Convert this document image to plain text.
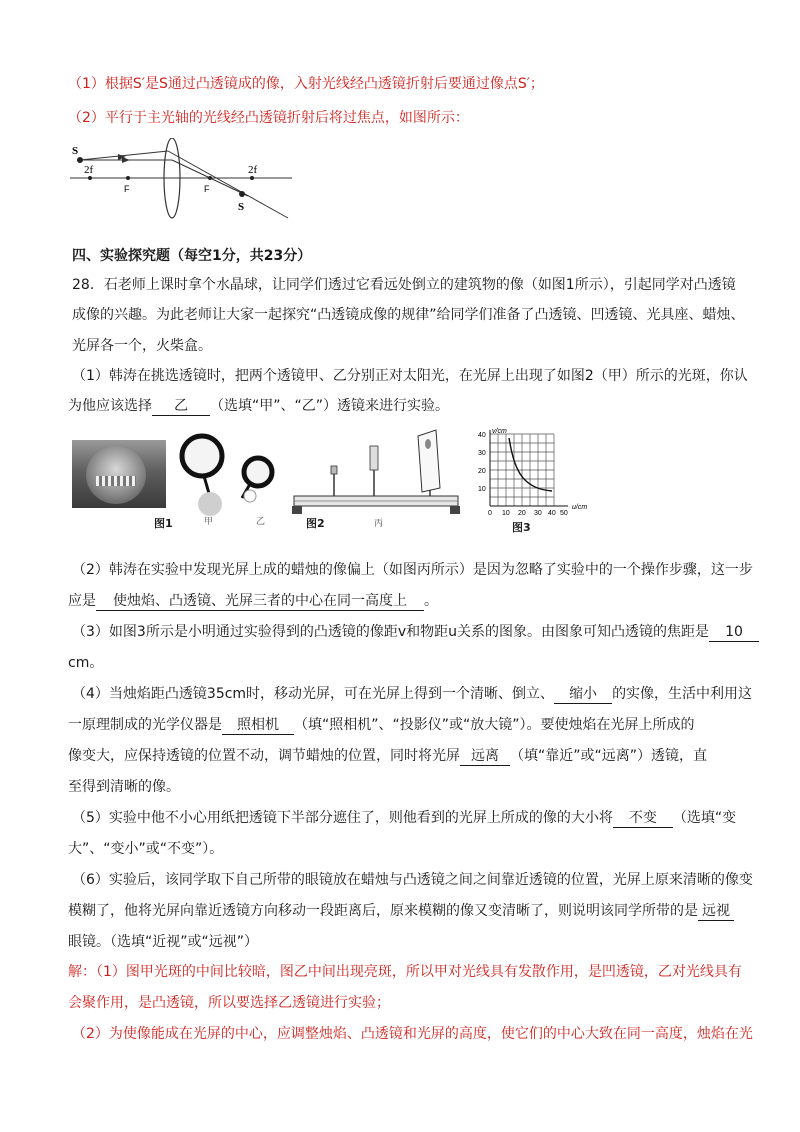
（1）根据S′是S通过凸透镜成的像，入射光线经凸透镜折射后要通过像点S′；
（2）平行于主光轴的光线经凸透镜折射后将过焦点，如图所示：
S
2f
F	F
2f
S
四、实验探究题（每空1分，共23分）
28．石老师上课时拿个水晶球，让同学们透过它看远处倒立的建筑物的像（如图1所示），引起同学对凸透镜
成像的兴趣。为此老师让大家一起探究“凸透镜成像的规律”给同学们准备了凸透镜、凹透镜、光具座、蜡烛、
光屏各一个，火柴盒。
（1）韩涛在挑选透镜时，把两个透镜甲、乙分别正对太阳光，在光屏上出现了如图2（甲）所示的光斑，你认
为他应该选择 乙 （选填“甲”、“乙”）透镜来进行实验。
图1	甲	乙	图2	丙
40
30
20
10
v/cm
0 10 20 30 40 50
u/cm
图3
（2）韩涛在实验中发现光屏上成的蜡烛的像偏上（如图丙所示）是因为忽略了实验中的一个操作步骤，这一步
应是 使烛焰、凸透镜、光屏三者的中心在同一高度上 。
（3）如图3所示是小明通过实验得到的凸透镜的像距v和物距u关系的图象。由图象可知凸透镜的焦距是 10
cm。
（4）当烛焰距凸透镜35cm时，移动光屏，可在光屏上得到一个清晰、倒立、 缩小 的实像，生活中利用这
一原理制成的光学仪器是 照相机 （填“照相机”、“投影仪”或“放大镜”）。要使烛焰在光屏上所成的
像变大，应保持透镜的位置不动，调节蜡烛的位置，同时将光屏 远离 （填“靠近”或“远离”）透镜，直
至得到清晰的像。
（5）实验中他不小心用纸把透镜下半部分遮住了，则他看到的光屏上所成的像的大小将 不变 （选填“变
大”、“变小”或“不变”）。
（6）实验后，该同学取下自己所带的眼镜放在蜡烛与凸透镜之间之间靠近透镜的位置，光屏上原来清晰的像变
模糊了，他将光屏向靠近透镜方向移动一段距离后，原来模糊的像又变清晰了，则说明该同学所带的是 远视
眼镜。（选填“近视”或“远视”）
解：（1）图甲光斑的中间比较暗，图乙中间出现亮斑，所以甲对光线具有发散作用，是凹透镜，乙对光线具有
会聚作用，是凸透镜，所以要选择乙透镜进行实验；
（2）为使像能成在光屏的中心，应调整烛焰、凸透镜和光屏的高度，使它们的中心大致在同一高度，烛焰在光
